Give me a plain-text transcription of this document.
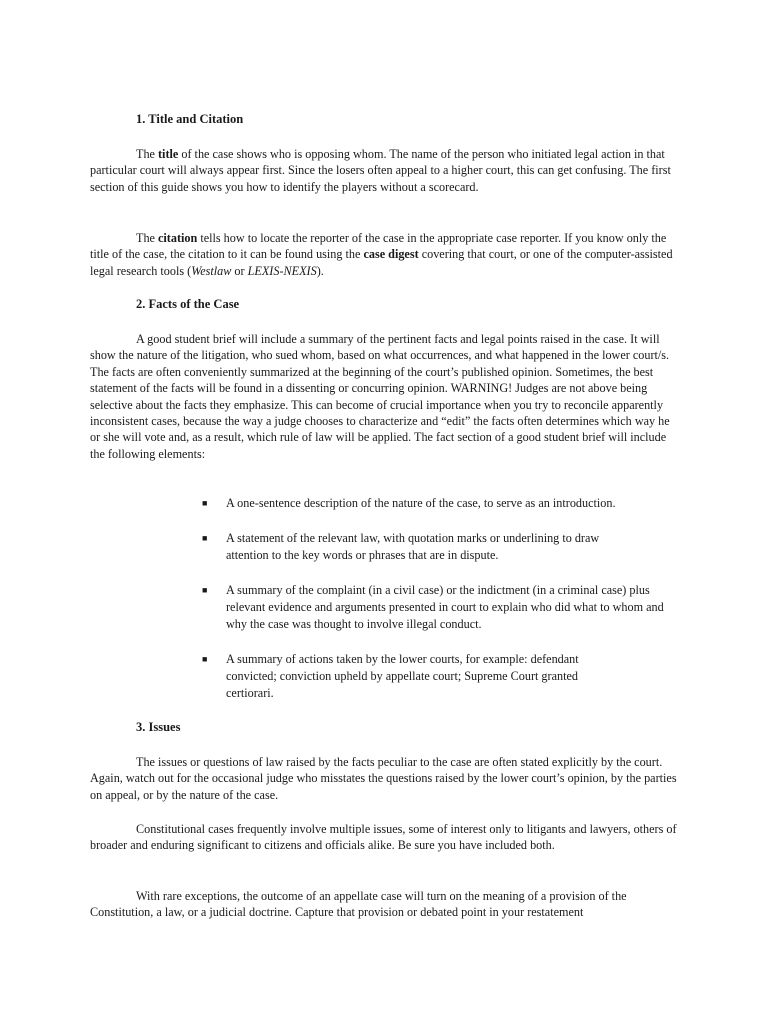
1. Title and Citation

The title of the case shows who is opposing whom. The name of the person who initiated legal action in that particular court will always appear first. Since the losers often appeal to a higher court, this can get confusing. The first section of this guide shows you how to identify the players without a scorecard.

The citation tells how to locate the reporter of the case in the appropriate case reporter. If you know only the title of the case, the citation to it can be found using the case digest covering that court, or one of the computer-assisted legal research tools (Westlaw or LEXIS-NEXIS).

2. Facts of the Case

A good student brief will include a summary of the pertinent facts and legal points raised in the case. It will show the nature of the litigation, who sued whom, based on what occurrences, and what happened in the lower court/s. The facts are often conveniently summarized at the beginning of the court’s published opinion. Sometimes, the best statement of the facts will be found in a dissenting or concurring opinion. WARNING! Judges are not above being selective about the facts they emphasize. This can become of crucial importance when you try to reconcile apparently inconsistent cases, because the way a judge chooses to characterize and “edit” the facts often determines which way he or she will vote and, as a result, which rule of law will be applied. The fact section of a good student brief will include the following elements:

■ A one-sentence description of the nature of the case, to serve as an introduction.
■ A statement of the relevant law, with quotation marks or underlining to draw attention to the key words or phrases that are in dispute.
■ A summary of the complaint (in a civil case) or the indictment (in a criminal case) plus relevant evidence and arguments presented in court to explain who did what to whom and why the case was thought to involve illegal conduct.
■ A summary of actions taken by the lower courts, for example: defendant convicted; conviction upheld by appellate court; Supreme Court granted certiorari.
3. Issues

The issues or questions of law raised by the facts peculiar to the case are often stated explicitly by the court. Again, watch out for the occasional judge who misstates the questions raised by the lower court’s opinion, by the parties on appeal, or by the nature of the case.

Constitutional cases frequently involve multiple issues, some of interest only to litigants and lawyers, others of broader and enduring significant to citizens and officials alike. Be sure you have included both.

With rare exceptions, the outcome of an appellate case will turn on the meaning of a provision of the Constitution, a law, or a judicial doctrine. Capture that provision or debated point in your restatement
